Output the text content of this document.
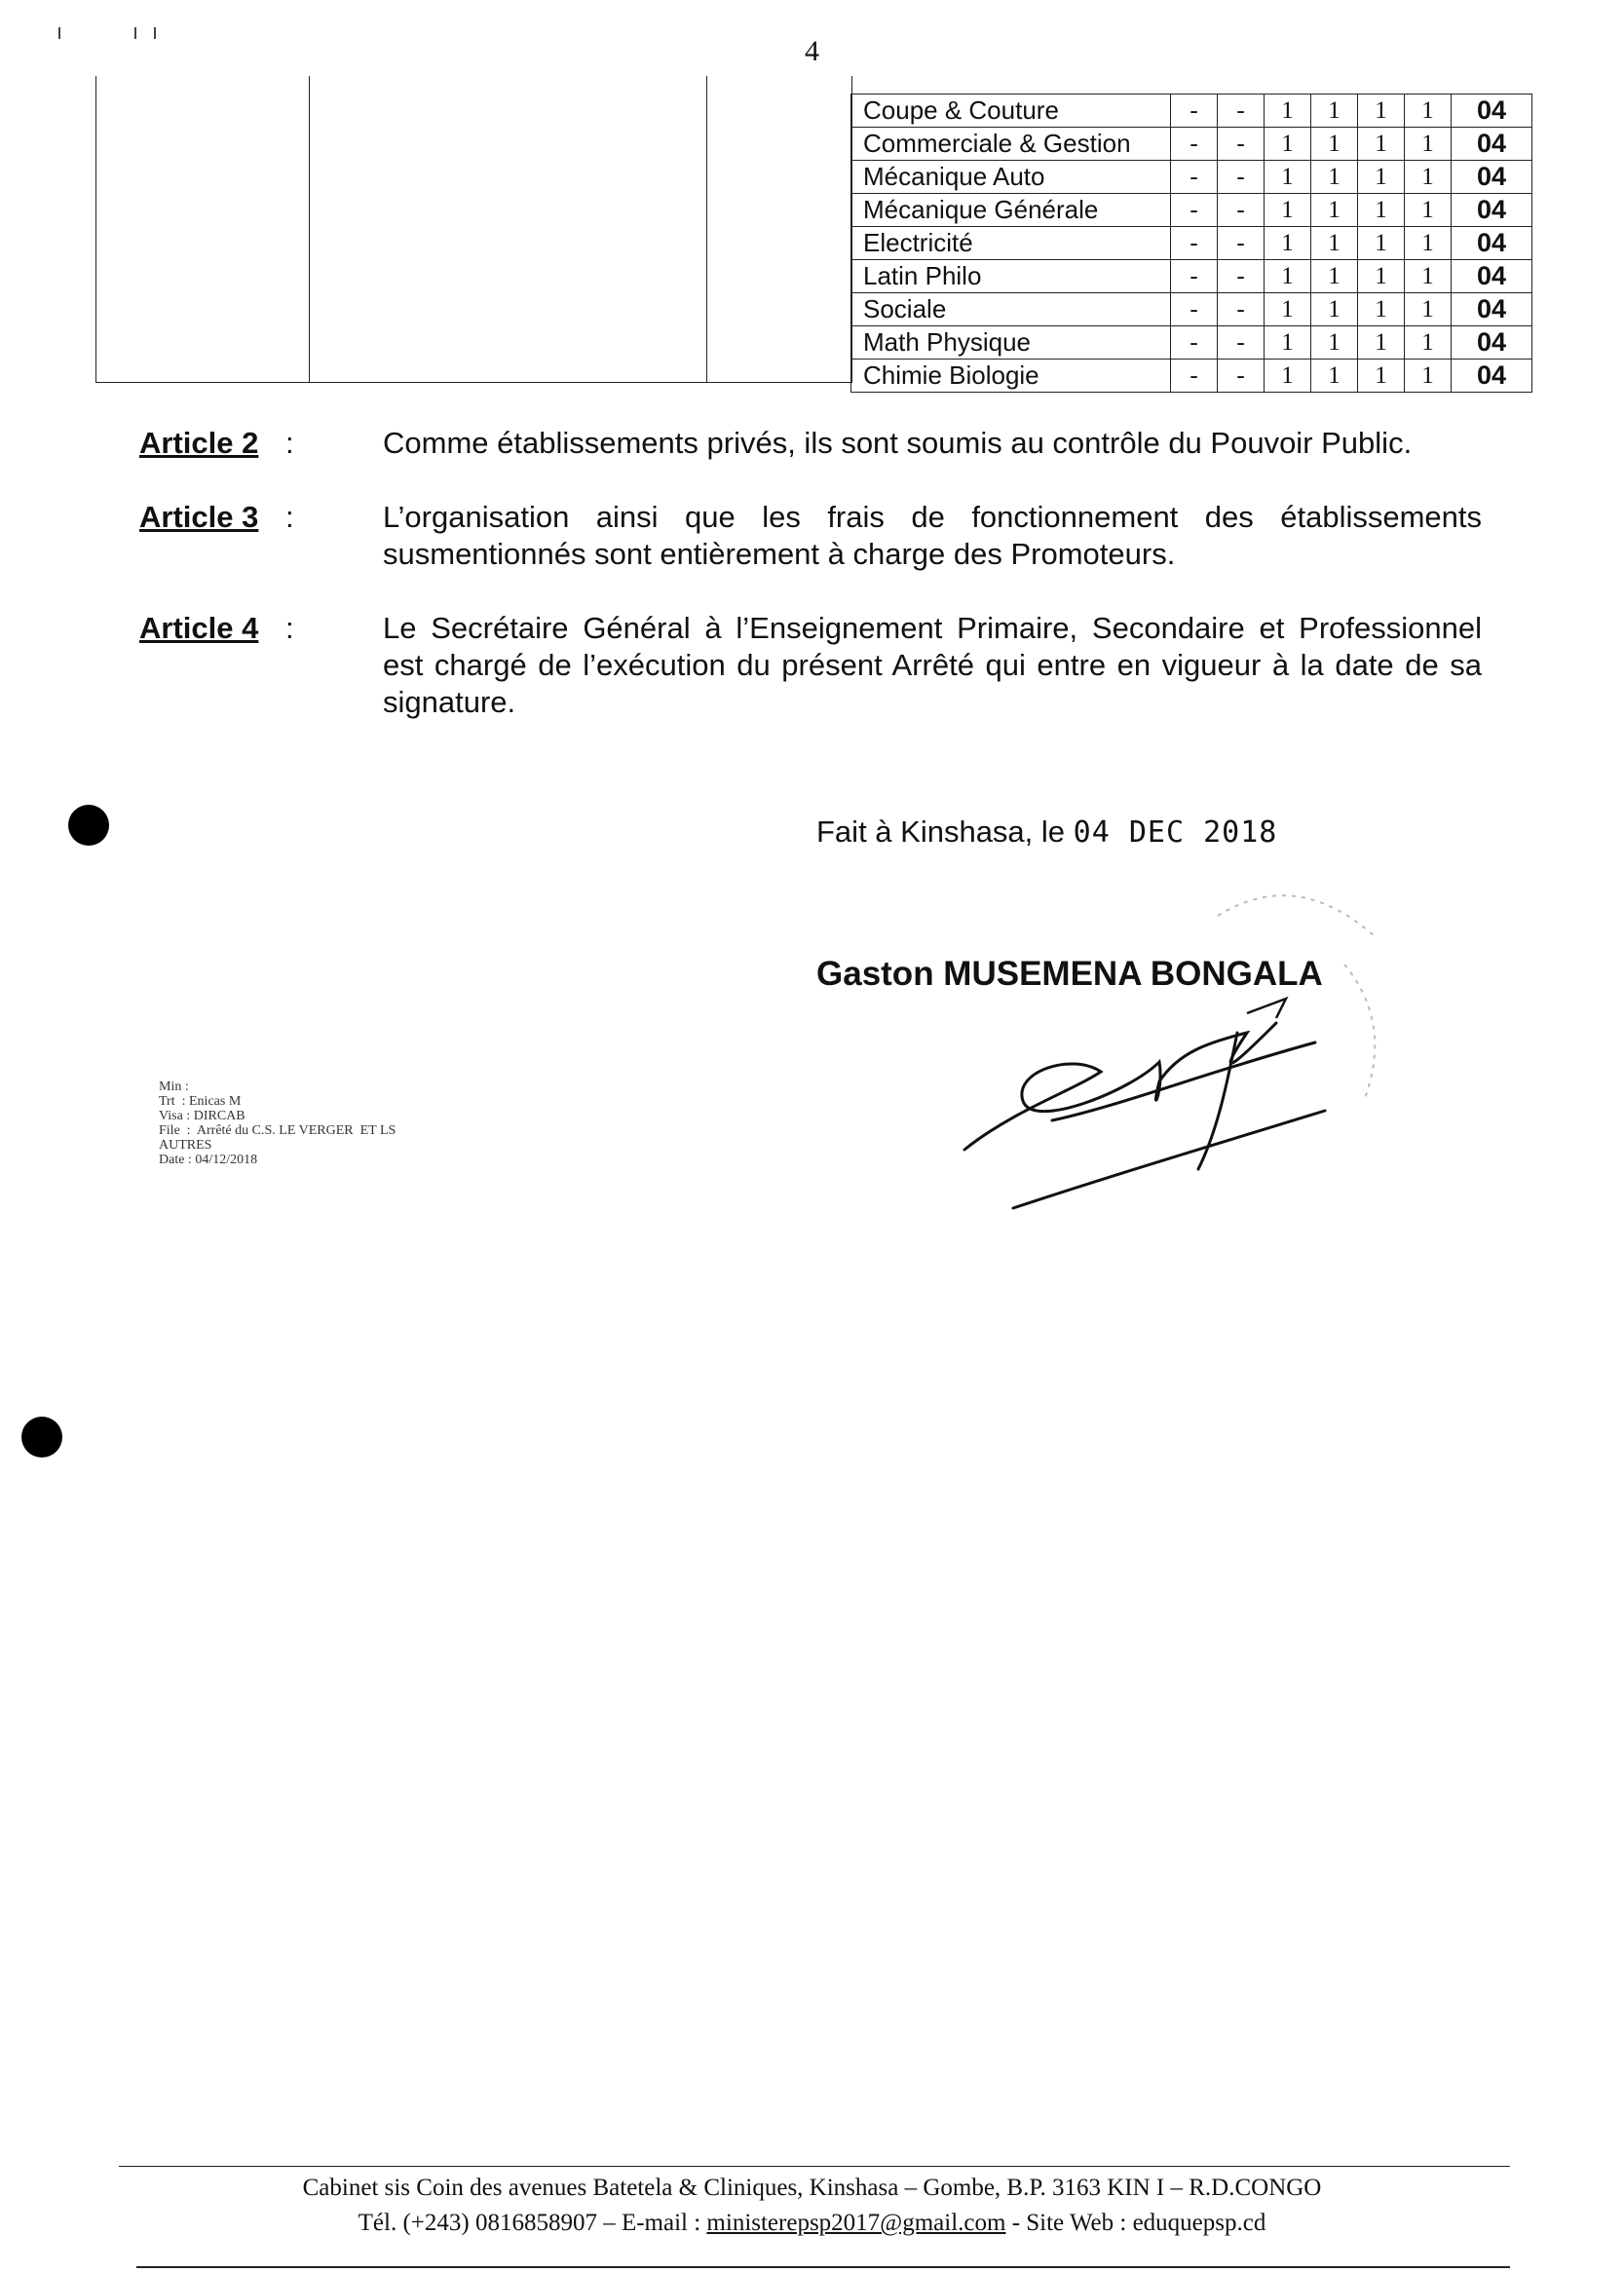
4
Coupe & Couture	-	-	1	1	1	1	04
Commerciale & Gestion	-	-	1	1	1	1	04
Mécanique Auto	-	-	1	1	1	1	04
Mécanique Générale	-	-	1	1	1	1	04
Electricité	-	-	1	1	1	1	04
Latin Philo	-	-	1	1	1	1	04
Sociale	-	-	1	1	1	1	04
Math Physique	-	-	1	1	1	1	04
Chimie Biologie	-	-	1	1	1	1	04
Article 2 :	Comme établissements privés, ils sont soumis au contrôle du Pouvoir Public.
Article 3 :	L’organisation ainsi que les frais de fonctionnement des établissements susmentionnés sont entièrement à charge des Promoteurs.
Article 4 :	Le Secrétaire Général à l’Enseignement Primaire, Secondaire et Professionnel est chargé de l’exécution du présent Arrêté qui entre en vigueur à la date de sa signature.
Fait à Kinshasa, le 04 DEC 2018
Gaston MUSEMENA BONGALA
Min :
Trt  : Enicas M
Visa : DIRCAB
File  :  Arrêté du C.S. LE VERGER  ET LS
AUTRES
Date : 04/12/2018
Cabinet sis Coin des avenues Batetela & Cliniques, Kinshasa – Gombe, B.P. 3163 KIN I – R.D.CONGO
Tél. (+243) 0816858907 – E-mail : ministerepsp2017@gmail.com - Site Web : eduquepsp.cd
